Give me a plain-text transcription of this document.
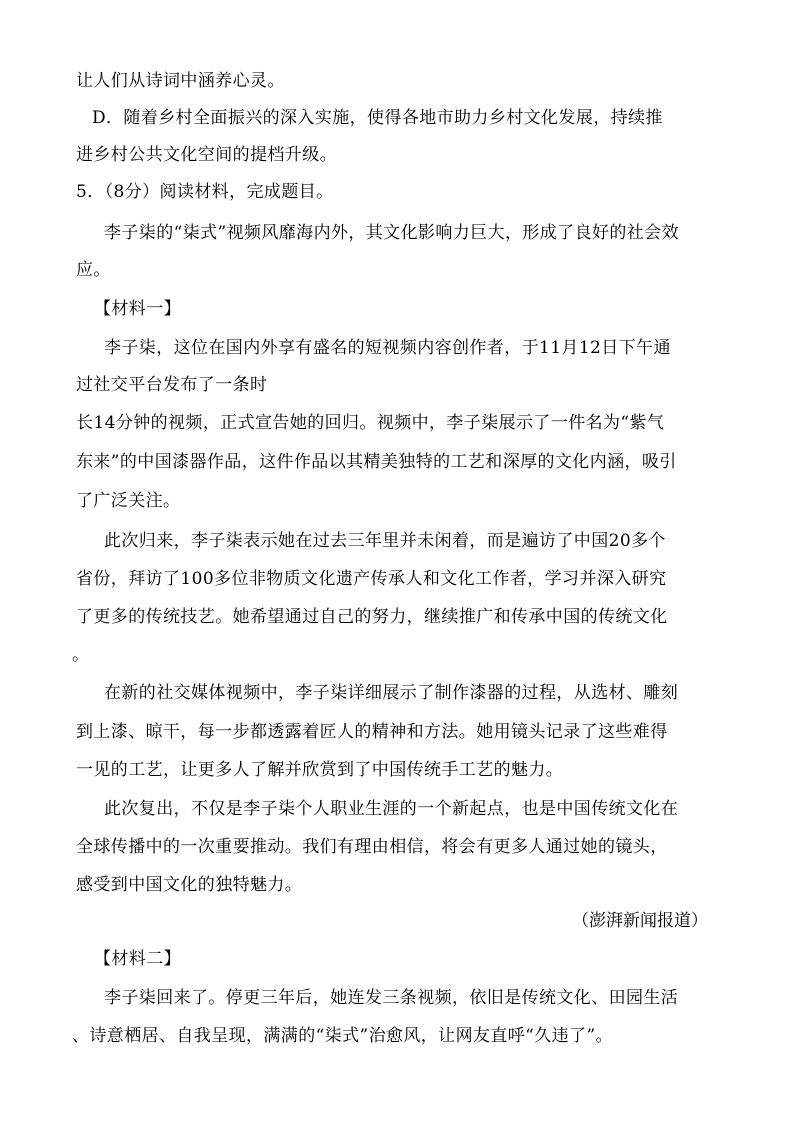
让人们从诗词中涵养心灵。
D．随着乡村全面振兴的深入实施，使得各地市助力乡村文化发展，持续推
进乡村公共文化空间的提档升级。
5．（8分）阅读材料，完成题目。
李子柒的“柒式”视频风靡海内外，其文化影响力巨大，形成了良好的社会效
应。
【材料一】
李子柒，这位在国内外享有盛名的短视频内容创作者，于11月12日下午通
过社交平台发布了一条时
长14分钟的视频，正式宣告她的回归。视频中，李子柒展示了一件名为“紫气
东来”的中国漆器作品，这件作品以其精美独特的工艺和深厚的文化内涵，吸引
了广泛关注。
此次归来，李子柒表示她在过去三年里并未闲着，而是遍访了中国20多个
省份，拜访了100多位非物质文化遗产传承人和文化工作者，学习并深入研究
了更多的传统技艺。她希望通过自己的努力，继续推广和传承中国的传统文化
。
在新的社交媒体视频中，李子柒详细展示了制作漆器的过程，从选材、雕刻
到上漆、晾干，每一步都透露着匠人的精神和方法。她用镜头记录了这些难得
一见的工艺，让更多人了解并欣赏到了中国传统手工艺的魅力。
此次复出，不仅是李子柒个人职业生涯的一个新起点，也是中国传统文化在
全球传播中的一次重要推动。我们有理由相信，将会有更多人通过她的镜头，
感受到中国文化的独特魅力。
（澎湃新闻报道）
【材料二】
李子柒回来了。停更三年后，她连发三条视频，依旧是传统文化、田园生活
、诗意栖居、自我呈现，满满的“柒式”治愈风，让网友直呼“久违了”。
